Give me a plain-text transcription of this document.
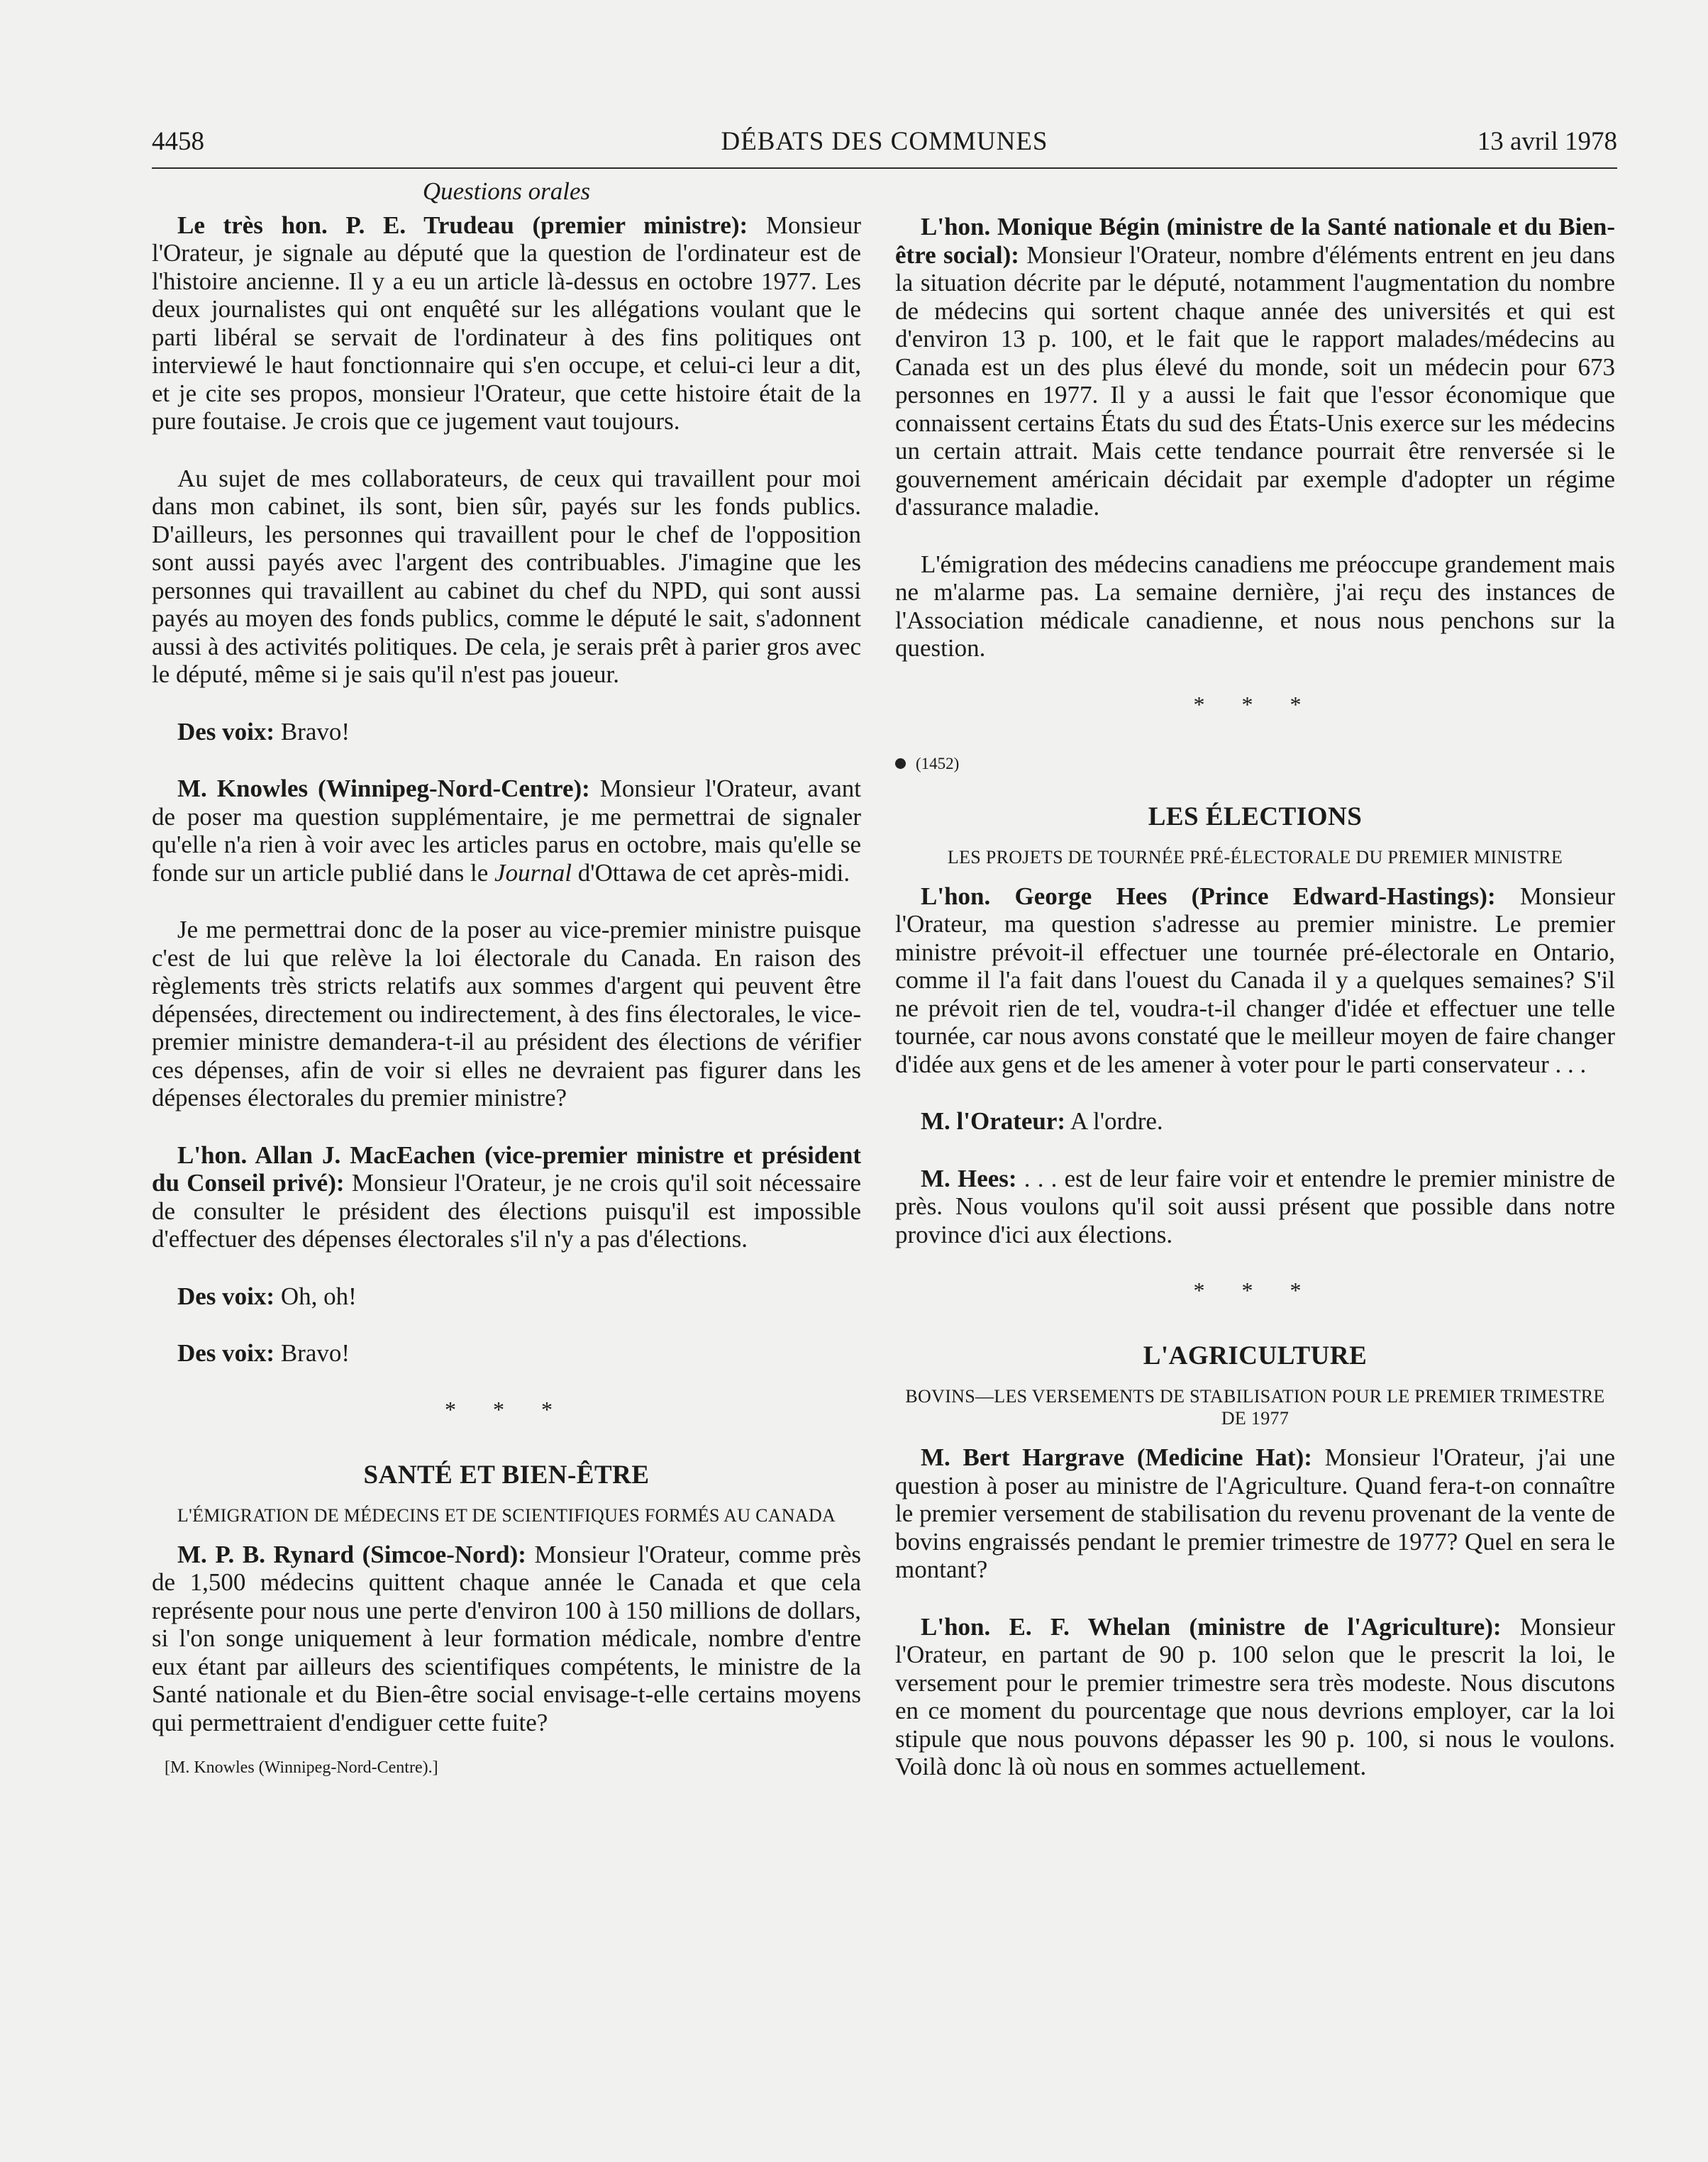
4458	DÉBATS DES COMMUNES	13 avril 1978

Questions orales

Le très hon. P. E. Trudeau (premier ministre): Monsieur l'Orateur, je signale au député que la question de l'ordinateur est de l'histoire ancienne. Il y a eu un article là-dessus en octobre 1977. Les deux journalistes qui ont enquêté sur les allégations voulant que le parti libéral se servait de l'ordinateur à des fins politiques ont interviewé le haut fonctionnaire qui s'en occupe, et celui-ci leur a dit, et je cite ses propos, monsieur l'Orateur, que cette histoire était de la pure foutaise. Je crois que ce jugement vaut toujours.

Au sujet de mes collaborateurs, de ceux qui travaillent pour moi dans mon cabinet, ils sont, bien sûr, payés sur les fonds publics. D'ailleurs, les personnes qui travaillent pour le chef de l'opposition sont aussi payés avec l'argent des contribuables. J'imagine que les personnes qui travaillent au cabinet du chef du NPD, qui sont aussi payés au moyen des fonds publics, comme le député le sait, s'adonnent aussi à des activités politiques. De cela, je serais prêt à parier gros avec le député, même si je sais qu'il n'est pas joueur.

Des voix: Bravo!

M. Knowles (Winnipeg-Nord-Centre): Monsieur l'Orateur, avant de poser ma question supplémentaire, je me permettrai de signaler qu'elle n'a rien à voir avec les articles parus en octobre, mais qu'elle se fonde sur un article publié dans le Journal d'Ottawa de cet après-midi.

Je me permettrai donc de la poser au vice-premier ministre puisque c'est de lui que relève la loi électorale du Canada. En raison des règlements très stricts relatifs aux sommes d'argent qui peuvent être dépensées, directement ou indirectement, à des fins électorales, le vice-premier ministre demandera-t-il au président des élections de vérifier ces dépenses, afin de voir si elles ne devraient pas figurer dans les dépenses électorales du premier ministre?

L'hon. Allan J. MacEachen (vice-premier ministre et président du Conseil privé): Monsieur l'Orateur, je ne crois qu'il soit nécessaire de consulter le président des élections puisqu'il est impossible d'effectuer des dépenses électorales s'il n'y a pas d'élections.

Des voix: Oh, oh!

Des voix: Bravo!

* * *
SANTÉ ET BIEN-ÊTRE
L'ÉMIGRATION DE MÉDECINS ET DE SCIENTIFIQUES FORMÉS AU CANADA

M. P. B. Rynard (Simcoe-Nord): Monsieur l'Orateur, comme près de 1,500 médecins quittent chaque année le Canada et que cela représente pour nous une perte d'environ 100 à 150 millions de dollars, si l'on songe uniquement à leur formation médicale, nombre d'entre eux étant par ailleurs des scientifiques compétents, le ministre de la Santé nationale et du Bien-être social envisage-t-elle certains moyens qui permettraient d'endiguer cette fuite?

[M. Knowles (Winnipeg-Nord-Centre).]

L'hon. Monique Bégin (ministre de la Santé nationale et du Bien-être social): Monsieur l'Orateur, nombre d'éléments entrent en jeu dans la situation décrite par le député, notamment l'augmentation du nombre de médecins qui sortent chaque année des universités et qui est d'environ 13 p. 100, et le fait que le rapport malades/médecins au Canada est un des plus élevé du monde, soit un médecin pour 673 personnes en 1977. Il y a aussi le fait que l'essor économique que connaissent certains États du sud des États-Unis exerce sur les médecins un certain attrait. Mais cette tendance pourrait être renversée si le gouvernement américain décidait par exemple d'adopter un régime d'assurance maladie.

L'émigration des médecins canadiens me préoccupe grandement mais ne m'alarme pas. La semaine dernière, j'ai reçu des instances de l'Association médicale canadienne, et nous nous penchons sur la question.

* * *
(1452)
LES ÉLECTIONS
LES PROJETS DE TOURNÉE PRÉ-ÉLECTORALE DU PREMIER MINISTRE

L'hon. George Hees (Prince Edward-Hastings): Monsieur l'Orateur, ma question s'adresse au premier ministre. Le premier ministre prévoit-il effectuer une tournée pré-électorale en Ontario, comme il l'a fait dans l'ouest du Canada il y a quelques semaines? S'il ne prévoit rien de tel, voudra-t-il changer d'idée et effectuer une telle tournée, car nous avons constaté que le meilleur moyen de faire changer d'idée aux gens et de les amener à voter pour le parti conservateur . . .

M. l'Orateur: A l'ordre.

M. Hees: . . . est de leur faire voir et entendre le premier ministre de près. Nous voulons qu'il soit aussi présent que possible dans notre province d'ici aux élections.

* * *
L'AGRICULTURE
BOVINS—LES VERSEMENTS DE STABILISATION POUR LE PREMIER TRIMESTRE DE 1977

M. Bert Hargrave (Medicine Hat): Monsieur l'Orateur, j'ai une question à poser au ministre de l'Agriculture. Quand fera-t-on connaître le premier versement de stabilisation du revenu provenant de la vente de bovins engraissés pendant le premier trimestre de 1977? Quel en sera le montant?

L'hon. E. F. Whelan (ministre de l'Agriculture): Monsieur l'Orateur, en partant de 90 p. 100 selon que le prescrit la loi, le versement pour le premier trimestre sera très modeste. Nous discutons en ce moment du pourcentage que nous devrions employer, car la loi stipule que nous pouvons dépasser les 90 p. 100, si nous le voulons. Voilà donc là où nous en sommes actuellement.
